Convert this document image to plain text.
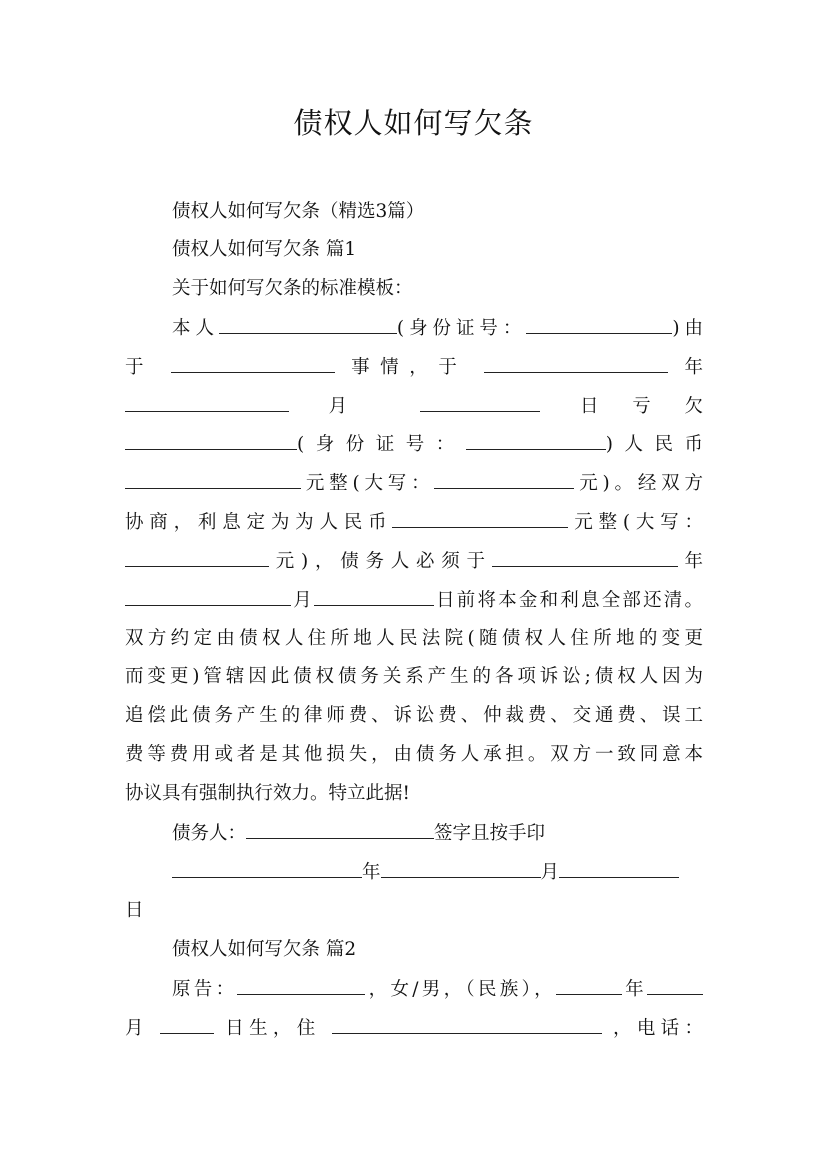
债权人如何写欠条
债权人如何写欠条（精选3篇）
债权人如何写欠条 篇1
关于如何写欠条的标准模板：
本人	(身份证号：	)由
于	事情，于	年
月	日亏欠
(身份证号：	)人民币
元整(大写：	元)。经双方
协商，利息定为为人民币	元整(大写：
元)，债务人必须于	年
月	日前将本金和利息全部还清。
双方约定由债权人住所地人民法院(随债权人住所地的变更
而变更)管辖因此债权债务关系产生的各项诉讼;债权人因为
追偿此债务产生的律师费、诉讼费、仲裁费、交通费、误工
费等费用或者是其他损失，由债务人承担。双方一致同意本
协议具有强制执行效力。特立此据!
债务人：	签字且按手印
年	月
日
债权人如何写欠条 篇2
原告：	，女/男，（民族），	年
月	日生，住	，电话：
